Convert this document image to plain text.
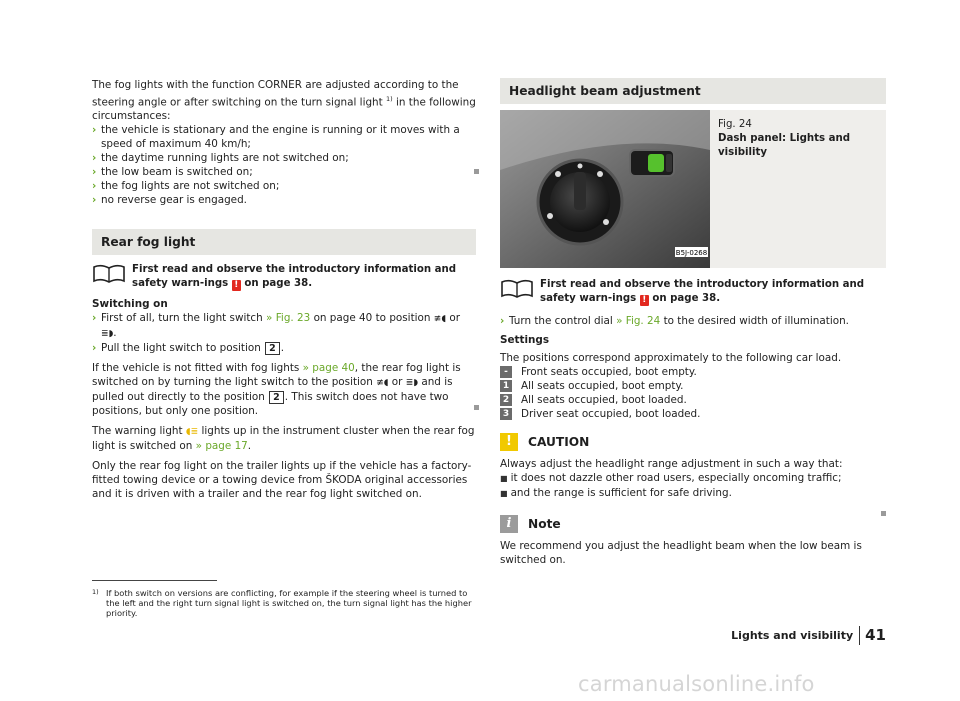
The fog lights with the function CORNER are adjusted according to the steering angle or after switching on the turn signal light $^{1)}$ in the following circumstances:

› the vehicle is stationary and the engine is running or it moves with a speed of maximum 40 km/h;
› the daytime running lights are not switched on;
› the low beam is switched on;
› the fog lights are not switched on;
› no reverse gear is engaged.
Rear fog light
First read and observe the introductory information and safety warn-ings ! on page 38.

Switching on

› First of all, turn the light switch » Fig. 23 on page 40 to position ≢◖ or ≣◗.
› Pull the light switch to position 2 .

If the vehicle is not fitted with fog lights » page 40, the rear fog light is switched on by turning the light switch to the position ≢◖ or ≣◗ and is pulled out directly to the position 2 . This switch does not have two positions, but only one position.

The warning light ◖≣ lights up in the instrument cluster when the rear fog light is switched on » page 17.

Only the rear fog light on the trailer lights up if the vehicle has a factory-fitted towing device or a towing device from ŠKODA original accessories and it is driven with a trailer and the rear fog light switched on.

Headlight beam adjustment
B5J-0268
Fig. 24
Dash panel: Lights and visibility
First read and observe the introductory information and safety warn-ings ! on page 38.
› Turn the control dial » Fig. 24 to the desired width of illumination.

Settings

The positions correspond approximately to the following car load.

-	Front seats occupied, boot empty.
1 All seats occupied, boot empty.
2 All seats occupied, boot loaded.
3 Driver seat occupied, boot loaded.
!	CAUTION

Always adjust the headlight range adjustment in such a way that:

■ it does not dazzle other road users, especially oncoming traffic;
■ and the range is sufficient for safe driving.
i	Note

We recommend you adjust the headlight beam when the low beam is switched on.

1) If both switch on versions are conflicting, for example if the steering wheel is turned to the left and the right turn signal light is switched on, the turn signal light has the higher priority.
Lights and visibility 41
carmanualsonline.info
